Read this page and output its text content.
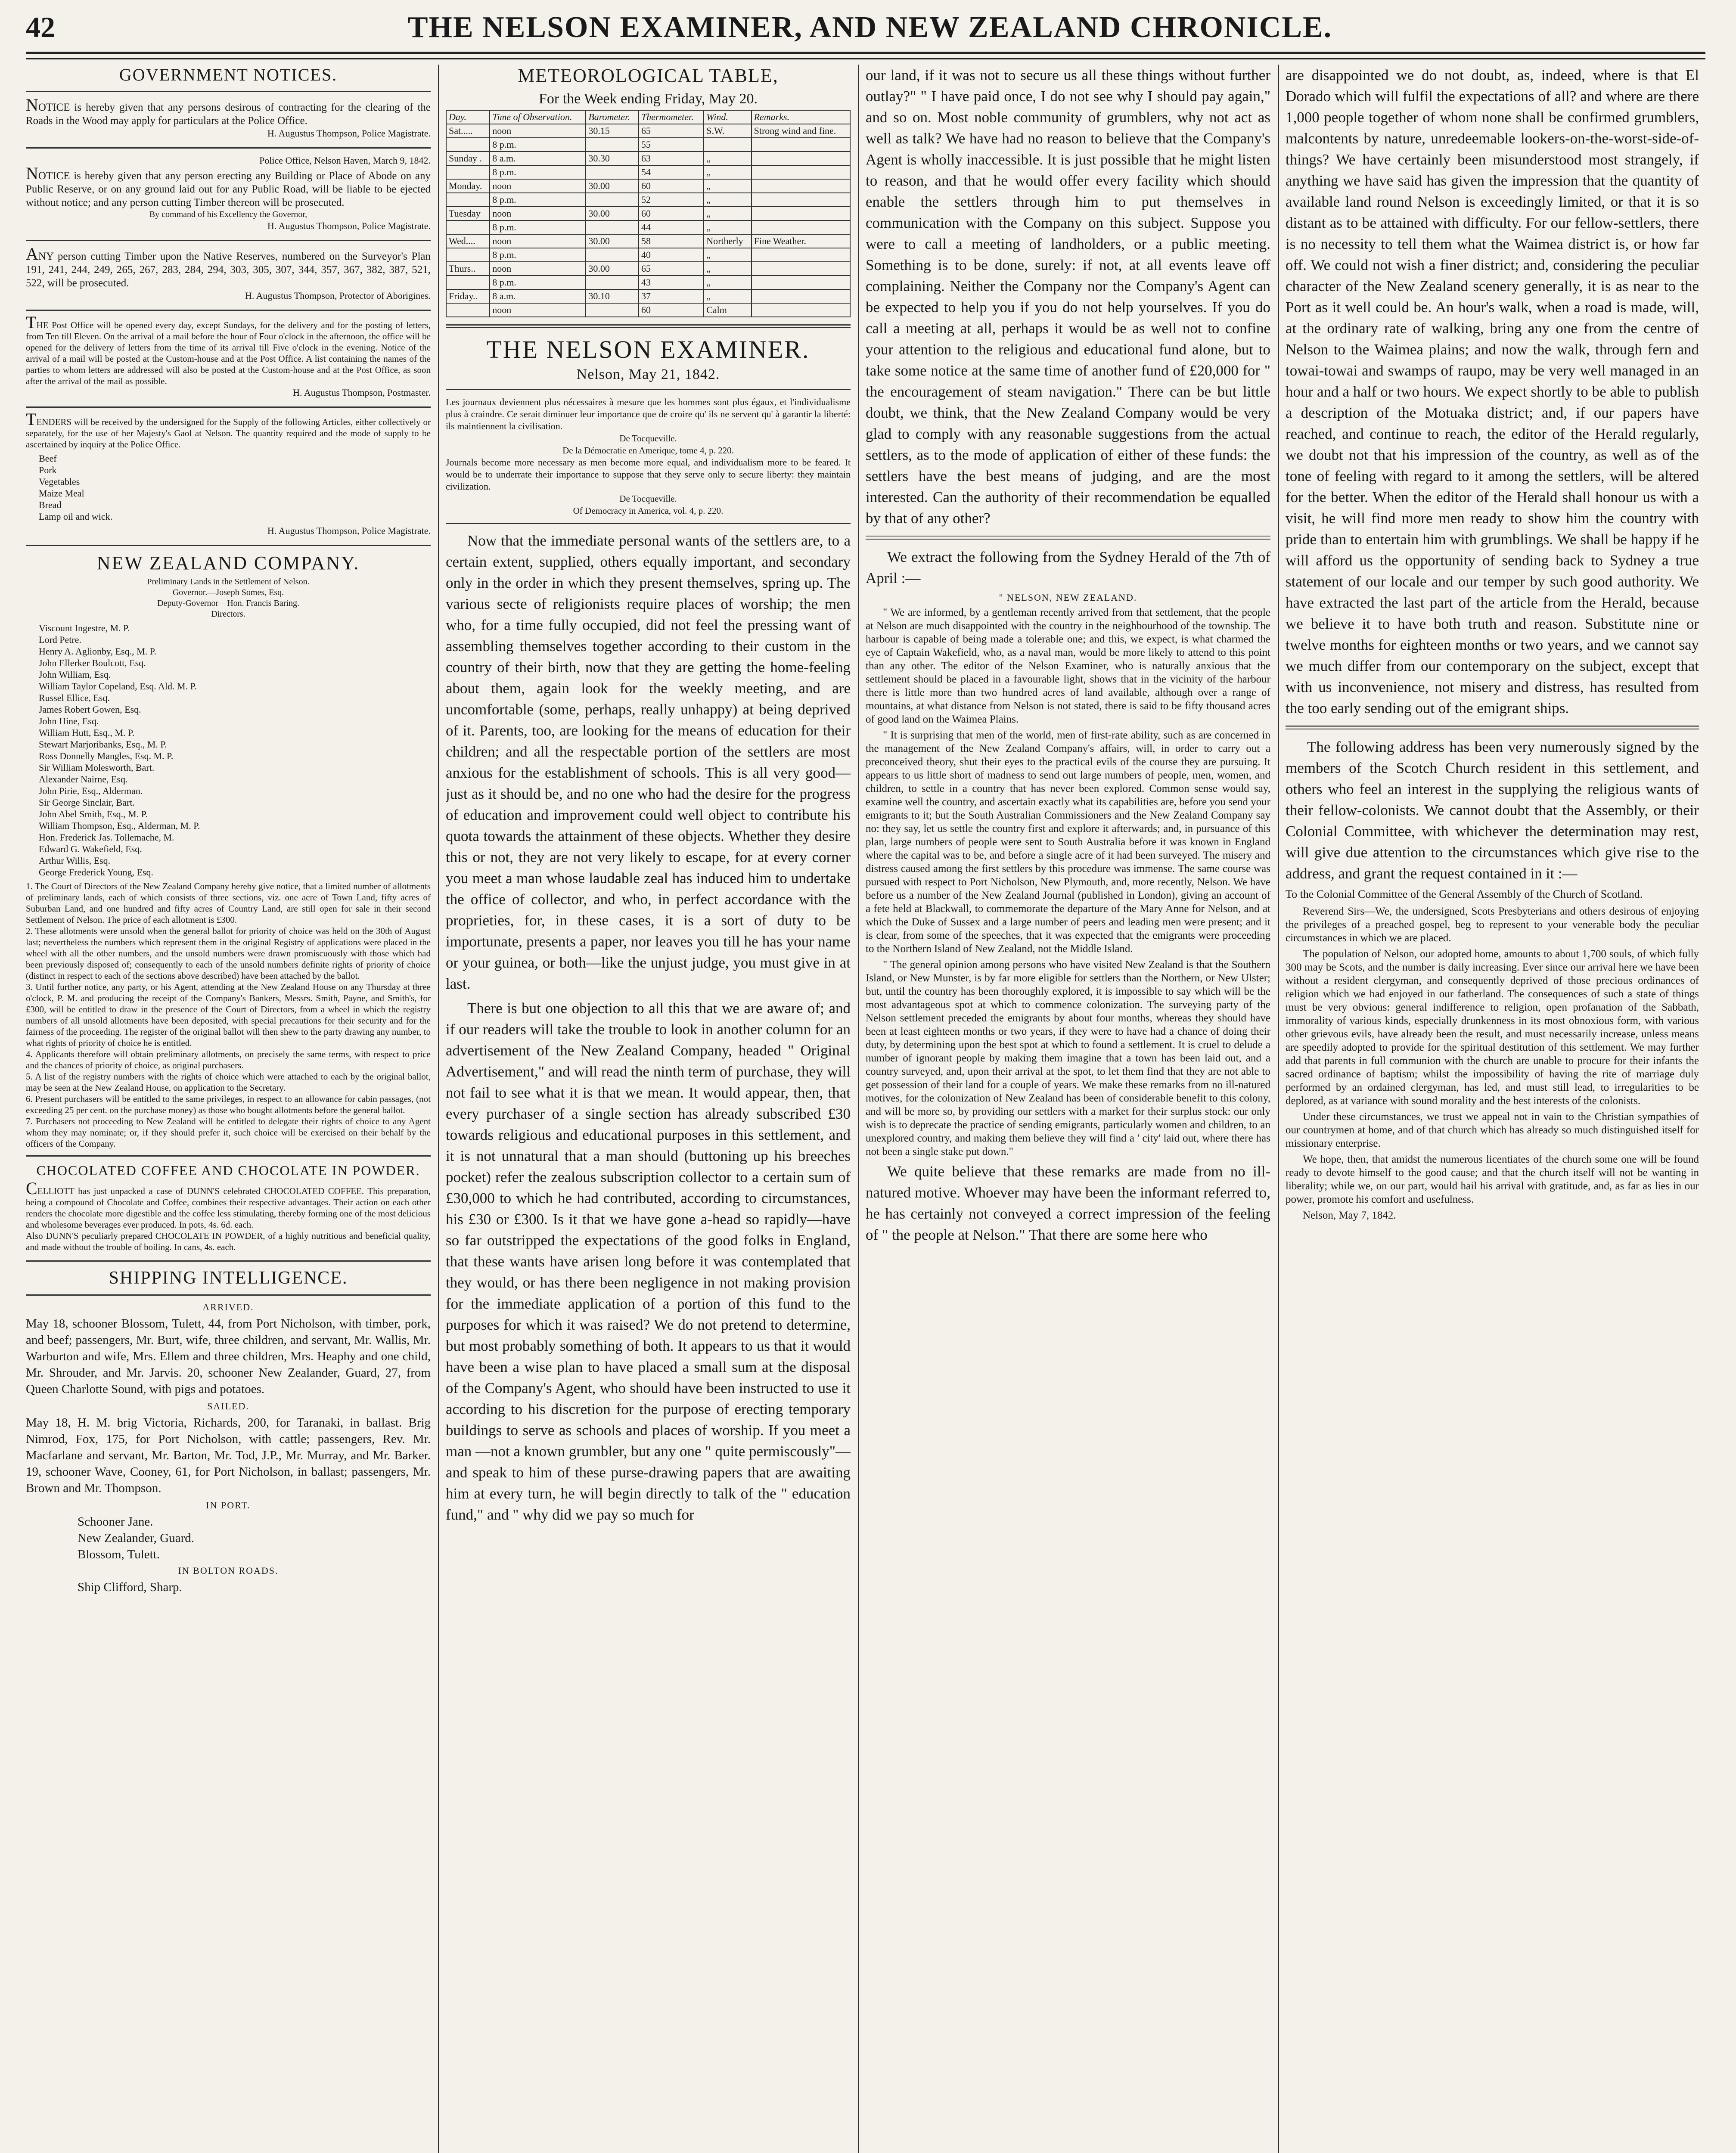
42	THE NELSON EXAMINER, AND NEW ZEALAND CHRONICLE.
GOVERNMENT NOTICES.
NOTICE is hereby given that any persons desirous of contracting for the clearing of the Roads in the Wood may apply for particulars at the Police Office.
H. Augustus Thompson, Police Magistrate.
Police Office, Nelson Haven, March 9, 1842.
NOTICE is hereby given that any person erecting any Building or Place of Abode on any Public Reserve, or on any ground laid out for any Public Road, will be liable to be ejected without notice; and any person cutting Timber thereon will be prosecuted.
By command of his Excellency the Governor,
H. Augustus Thompson, Police Magistrate.
ANY person cutting Timber upon the Native Reserves, numbered on the Surveyor's Plan 191, 241, 244, 249, 265, 267, 283, 284, 294, 303, 305, 307, 344, 357, 367, 382, 387, 521, 522, will be prosecuted.
H. Augustus Thompson, Protector of Aborigines.
THE Post Office will be opened every day, except Sundays, for the delivery and for the posting of letters, from Ten till Eleven. On the arrival of a mail before the hour of Four o'clock in the afternoon, the office will be opened for the delivery of letters from the time of its arrival till Five o'clock in the evening. Notice of the arrival of a mail will be posted at the Custom-house and at the Post Office. A list containing the names of the parties to whom letters are addressed will also be posted at the Custom-house and at the Post Office, as soon after the arrival of the mail as possible.
H. Augustus Thompson, Postmaster.
TENDERS will be received by the undersigned for the Supply of the following Articles, either collectively or separately, for the use of her Majesty's Gaol at Nelson. The quantity required and the mode of supply to be ascertained by inquiry at the Police Office.
Beef
Pork
Vegetables
Maize Meal
Bread
Lamp oil and wick.
H. Augustus Thompson, Police Magistrate.
NEW ZEALAND COMPANY.
Preliminary Lands in the Settlement of Nelson.
Governor.—Joseph Somes, Esq.
Deputy-Governor—Hon. Francis Baring.
Directors.
Viscount Ingestre, M. P.
Lord Petre.
Henry A. Aglionby, Esq., M. P.
John Ellerker Boulcott, Esq.
John William, Esq.
William Taylor Copeland, Esq. Ald. M. P.
Russel Ellice, Esq.
James Robert Gowen, Esq.
John Hine, Esq.
William Hutt, Esq., M. P.
Stewart Marjoribanks, Esq., M. P.
Ross Donnelly Mangles, Esq. M. P.
Sir William Molesworth, Bart.
Alexander Nairne, Esq.
John Pirie, Esq., Alderman.
Sir George Sinclair, Bart.
John Abel Smith, Esq., M. P.
William Thompson, Esq., Alderman, M. P.
Hon. Frederick Jas. Tollemache, M.
Edward G. Wakefield, Esq.
Arthur Willis, Esq.
George Frederick Young, Esq.
1. The Court of Directors of the New Zealand Company hereby give notice, that a limited number of allotments of preliminary lands, each of which consists of three sections, viz. one acre of Town Land, fifty acres of Suburban Land, and one hundred and fifty acres of Country Land, are still open for sale in their second Settlement of Nelson. The price of each allotment is £300.
2. These allotments were unsold when the general ballot for priority of choice was held on the 30th of August last; nevertheless the numbers which represent them in the original Registry of applications were placed in the wheel with all the other numbers, and the unsold numbers were drawn promiscuously with those which had been previously disposed of; consequently to each of the unsold numbers definite rights of priority of choice (distinct in respect to each of the sections above described) have been attached by the ballot.
3. Until further notice, any party, or his Agent, attending at the New Zealand House on any Thursday at three o'clock, P. M. and producing the receipt of the Company's Bankers, Messrs. Smith, Payne, and Smith's, for £300, will be entitled to draw in the presence of the Court of Directors, from a wheel in which the registry numbers of all unsold allotments have been deposited, with special precautions for their security and for the fairness of the proceeding. The register of the original ballot will then shew to the party drawing any number, to what rights of priority of choice he is entitled.
4. Applicants therefore will obtain preliminary allotments, on precisely the same terms, with respect to price and the chances of priority of choice, as original purchasers.
5. A list of the registry numbers with the rights of choice which were attached to each by the original ballot, may be seen at the New Zealand House, on application to the Secretary.
6. Present purchasers will be entitled to the same privileges, in respect to an allowance for cabin passages, (not exceeding 25 per cent. on the purchase money) as those who bought allotments before the general ballot.
7. Purchasers not proceeding to New Zealand will be entitled to delegate their rights of choice to any Agent whom they may nominate; or, if they should prefer it, such choice will be exercised on their behalf by the officers of the Company.
CHOCOLATED COFFEE AND CHOCOLATE IN POWDER.
CELLIOTT has just unpacked a case of DUNN'S celebrated CHOCOLATED COFFEE. This preparation, being a compound of Chocolate and Coffee, combines their respective advantages. Their action on each other renders the chocolate more digestible and the coffee less stimulating, thereby forming one of the most delicious and wholesome beverages ever produced. In pots, 4s. 6d. each.
Also DUNN'S peculiarly prepared CHOCOLATE IN POWDER, of a highly nutritious and beneficial quality, and made without the trouble of boiling. In cans, 4s. each.
SHIPPING INTELLIGENCE.
ARRIVED.

May 18, schooner Blossom, Tulett, 44, from Port Nicholson, with timber, pork, and beef; passengers, Mr. Burt, wife, three children, and servant, Mr. Wallis, Mr. Warburton and wife, Mrs. Ellem and three children, Mrs. Heaphy and one child, Mr. Shrouder, and Mr. Jarvis. 20, schooner New Zealander, Guard, 27, from Queen Charlotte Sound, with pigs and potatoes.

SAILED.

May 18, H. M. brig Victoria, Richards, 200, for Taranaki, in ballast. Brig Nimrod, Fox, 175, for Port Nicholson, with cattle; passengers, Rev. Mr. Macfarlane and servant, Mr. Barton, Mr. Tod, J.P., Mr. Murray, and Mr. Barker. 19, schooner Wave, Cooney, 61, for Port Nicholson, in ballast; passengers, Mr. Brown and Mr. Thompson.

IN PORT.
Schooner Jane.
New Zealander, Guard.
Blossom, Tulett.
IN BOLTON ROADS.
Ship Clifford, Sharp.
METEOROLOGICAL TABLE,
For the Week ending Friday, May 20.
Day.	Time of Observation.	Barometer.	Thermometer.	Wind.	Remarks.
Sat.....	noon	30.15	65	S.W.	Strong wind and fine.
	8 p.m.		55		
Sunday .	8 a.m.	30.30	63	„	
	8 p.m.		54	„	
Monday.	noon	30.00	60	„	
	8 p.m.		52	„	
Tuesday	noon	30.00	60	„	
	8 p.m.		44	„	
Wed....	noon	30.00	58	Northerly	Fine Weather.
	8 p.m.		40	„	
Thurs..	noon	30.00	65	„	
	8 p.m.		43	„	
Friday..	8 a.m.	30.10	37	„	
	noon		60	Calm	
THE NELSON EXAMINER.
Nelson, May 21, 1842.
Les journaux deviennent plus nécessaires à mesure que les hommes sont plus égaux, et l'individualisme plus à craindre. Ce serait diminuer leur importance que de croire qu' ils ne servent qu' à garantir la liberté: ils maintiennent la civilisation.
De Tocqueville.
De la Démocratie en Amerique, tome 4, p. 220.
Journals become more necessary as men become more equal, and individualism more to be feared. It would be to underrate their importance to suppose that they serve only to secure liberty: they maintain civilization.
De Tocqueville.
Of Democracy in America, vol. 4, p. 220.

Now that the immediate personal wants of the settlers are, to a certain extent, supplied, others equally important, and secondary only in the order in which they present themselves, spring up. The various secte of religionists require places of worship; the men who, for a time fully occupied, did not feel the pressing want of assembling themselves together according to their custom in the country of their birth, now that they are getting the home-feeling about them, again look for the weekly meeting, and are uncomfortable (some, perhaps, really unhappy) at being deprived of it. Parents, too, are looking for the means of education for their children; and all the respectable portion of the settlers are most anxious for the establishment of schools. This is all very good—just as it should be, and no one who had the desire for the progress of education and improvement could well object to contribute his quota towards the attainment of these objects. Whether they desire this or not, they are not very likely to escape, for at every corner you meet a man whose laudable zeal has induced him to undertake the office of collector, and who, in perfect accordance with the proprieties, for, in these cases, it is a sort of duty to be importunate, presents a paper, nor leaves you till he has your name or your guinea, or both—like the unjust judge, you must give in at last.

There is but one objection to all this that we are aware of; and if our readers will take the trouble to look in another column for an advertisement of the New Zealand Company, headed " Original Advertisement," and will read the ninth term of purchase, they will not fail to see what it is that we mean. It would appear, then, that every purchaser of a single section has already subscribed £30 towards religious and educational purposes in this settlement, and it is not unnatural that a man should (buttoning up his breeches pocket) refer the zealous subscription collector to a certain sum of £30,000 to which he had contributed, according to circumstances, his £30 or £300. Is it that we have gone a-head so rapidly—have so far outstripped the expectations of the good folks in England, that these wants have arisen long before it was contemplated that they would, or has there been negligence in not making provision for the immediate application of a portion of this fund to the purposes for which it was raised? We do not pretend to determine, but most probably something of both. It appears to us that it would have been a wise plan to have placed a small sum at the disposal of the Company's Agent, who should have been instructed to use it according to his discretion for the purpose of erecting temporary buildings to serve as schools and places of worship. If you meet a man —not a known grumbler, but any one " quite permiscously"—and speak to him of these purse-drawing papers that are awaiting him at every turn, he will begin directly to talk of the " education fund," and " why did we pay so much for

our land, if it was not to secure us all these things without further outlay?" " I have paid once, I do not see why I should pay again," and so on. Most noble community of grumblers, why not act as well as talk? We have had no reason to believe that the Company's Agent is wholly inaccessible. It is just possible that he might listen to reason, and that he would offer every facility which should enable the settlers through him to put themselves in communication with the Company on this subject. Suppose you were to call a meeting of landholders, or a public meeting. Something is to be done, surely: if not, at all events leave off complaining. Neither the Company nor the Company's Agent can be expected to help you if you do not help yourselves. If you do call a meeting at all, perhaps it would be as well not to confine your attention to the religious and educational fund alone, but to take some notice at the same time of another fund of £20,000 for " the encouragement of steam navigation." There can be but little doubt, we think, that the New Zealand Company would be very glad to comply with any reasonable suggestions from the actual settlers, as to the mode of application of either of these funds: the settlers have the best means of judging, and are the most interested. Can the authority of their recommendation be equalled by that of any other?

We extract the following from the Sydney Herald of the 7th of April :—

" NELSON, NEW ZEALAND.

" We are informed, by a gentleman recently arrived from that settlement, that the people at Nelson are much disappointed with the country in the neighbourhood of the township. The harbour is capable of being made a tolerable one; and this, we expect, is what charmed the eye of Captain Wakefield, who, as a naval man, would be more likely to attend to this point than any other. The editor of the Nelson Examiner, who is naturally anxious that the settlement should be placed in a favourable light, shows that in the vicinity of the harbour there is little more than two hundred acres of land available, although over a range of mountains, at what distance from Nelson is not stated, there is said to be fifty thousand acres of good land on the Waimea Plains.

" It is surprising that men of the world, men of first-rate ability, such as are concerned in the management of the New Zealand Company's affairs, will, in order to carry out a preconceived theory, shut their eyes to the practical evils of the course they are pursuing. It appears to us little short of madness to send out large numbers of people, men, women, and children, to settle in a country that has never been explored. Common sense would say, examine well the country, and ascertain exactly what its capabilities are, before you send your emigrants to it; but the South Australian Commissioners and the New Zealand Company say no: they say, let us settle the country first and explore it afterwards; and, in pursuance of this plan, large numbers of people were sent to South Australia before it was known in England where the capital was to be, and before a single acre of it had been surveyed. The misery and distress caused among the first settlers by this procedure was immense. The same course was pursued with respect to Port Nicholson, New Plymouth, and, more recently, Nelson. We have before us a number of the New Zealand Journal (published in London), giving an account of a fete held at Blackwall, to commemorate the departure of the Mary Anne for Nelson, and at which the Duke of Sussex and a large number of peers and leading men were present; and it is clear, from some of the speeches, that it was expected that the emigrants were proceeding to the Northern Island of New Zealand, not the Middle Island.

" The general opinion among persons who have visited New Zealand is that the Southern Island, or New Munster, is by far more eligible for settlers than the Northern, or New Ulster; but, until the country has been thoroughly explored, it is impossible to say which will be the most advantageous spot at which to commence colonization. The surveying party of the Nelson settlement preceded the emigrants by about four months, whereas they should have been at least eighteen months or two years, if they were to have had a chance of doing their duty, by determining upon the best spot at which to found a settlement. It is cruel to delude a number of ignorant people by making them imagine that a town has been laid out, and a country surveyed, and, upon their arrival at the spot, to let them find that they are not able to get possession of their land for a couple of years. We make these remarks from no ill-natured motives, for the colonization of New Zealand has been of considerable benefit to this colony, and will be more so, by providing our settlers with a market for their surplus stock: our only wish is to deprecate the practice of sending emigrants, particularly women and children, to an unexplored country, and making them believe they will find a ' city' laid out, where there has not been a single stake put down."

We quite believe that these remarks are made from no ill-natured motive. Whoever may have been the informant referred to, he has certainly not conveyed a correct impression of the feeling of " the people at Nelson." That there are some here who

are disappointed we do not doubt, as, indeed, where is that El Dorado which will fulfil the expectations of all? and where are there 1,000 people together of whom none shall be confirmed grumblers, malcontents by nature, unredeemable lookers-on-the-worst-side-of-things? We have certainly been misunderstood most strangely, if anything we have said has given the impression that the quantity of available land round Nelson is exceedingly limited, or that it is so distant as to be attained with difficulty. For our fellow-settlers, there is no necessity to tell them what the Waimea district is, or how far off. We could not wish a finer district; and, considering the peculiar character of the New Zealand scenery generally, it is as near to the Port as it well could be. An hour's walk, when a road is made, will, at the ordinary rate of walking, bring any one from the centre of Nelson to the Waimea plains; and now the walk, through fern and towai-towai and swamps of raupo, may be very well managed in an hour and a half or two hours. We expect shortly to be able to publish a description of the Motuaka district; and, if our papers have reached, and continue to reach, the editor of the Herald regularly, we doubt not that his impression of the country, as well as of the tone of feeling with regard to it among the settlers, will be altered for the better. When the editor of the Herald shall honour us with a visit, he will find more men ready to show him the country with pride than to entertain him with grumblings. We shall be happy if he will afford us the opportunity of sending back to Sydney a true statement of our locale and our temper by such good authority. We have extracted the last part of the article from the Herald, because we believe it to have both truth and reason. Substitute nine or twelve months for eighteen months or two years, and we cannot say we much differ from our contemporary on the subject, except that with us inconvenience, not misery and distress, has resulted from the too early sending out of the emigrant ships.

The following address has been very numerously signed by the members of the Scotch Church resident in this settlement, and others who feel an interest in the supplying the religious wants of their fellow-colonists. We cannot doubt that the Assembly, or their Colonial Committee, with whichever the determination may rest, will give due attention to the circumstances which give rise to the address, and grant the request contained in it :—

To the Colonial Committee of the General Assembly of the Church of Scotland.

Reverend Sirs—We, the undersigned, Scots Presbyterians and others desirous of enjoying the privileges of a preached gospel, beg to represent to your venerable body the peculiar circumstances in which we are placed.

The population of Nelson, our adopted home, amounts to about 1,700 souls, of which fully 300 may be Scots, and the number is daily increasing. Ever since our arrival here we have been without a resident clergyman, and consequently deprived of those precious ordinances of religion which we had enjoyed in our fatherland. The consequences of such a state of things must be very obvious: general indifference to religion, open profanation of the Sabbath, immorality of various kinds, especially drunkenness in its most obnoxious form, with various other grievous evils, have already been the result, and must necessarily increase, unless means are speedily adopted to provide for the spiritual destitution of this settlement. We may further add that parents in full communion with the church are unable to procure for their infants the sacred ordinance of baptism; whilst the impossibility of having the rite of marriage duly performed by an ordained clergyman, has led, and must still lead, to irregularities to be deplored, as at variance with sound morality and the best interests of the colonists.

Under these circumstances, we trust we appeal not in vain to the Christian sympathies of our countrymen at home, and of that church which has already so much distinguished itself for missionary enterprise.

We hope, then, that amidst the numerous licentiates of the church some one will be found ready to devote himself to the good cause; and that the church itself will not be wanting in liberality; while we, on our part, would hail his arrival with gratitude, and, as far as lies in our power, promote his comfort and usefulness.

Nelson, May 7, 1842.
